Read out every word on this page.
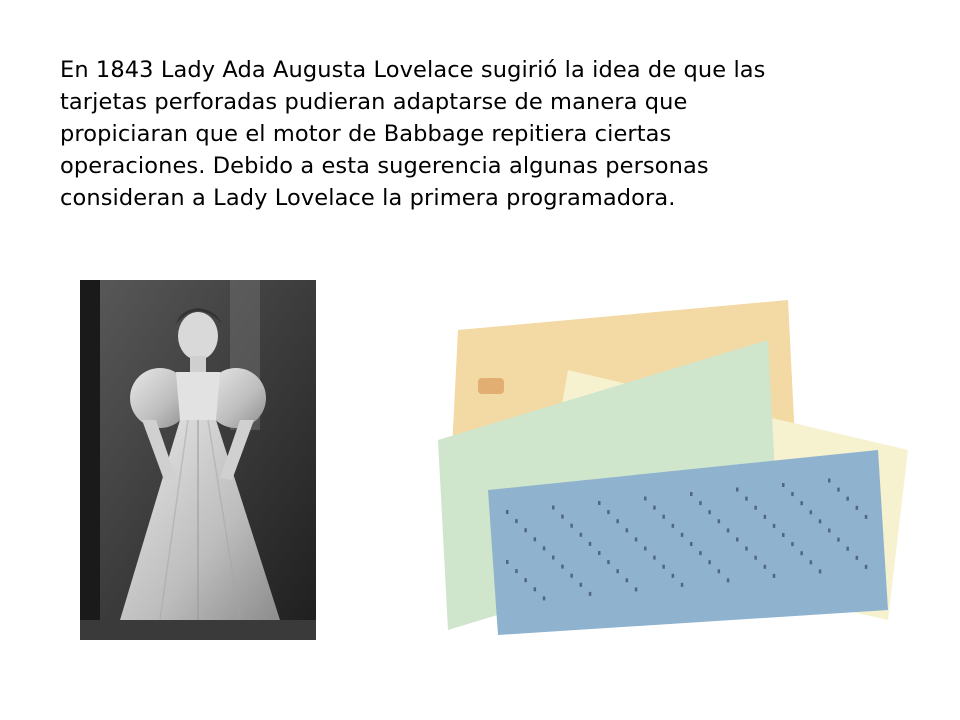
En 1843 Lady Ada Augusta Lovelace sugirió la idea de que las
tarjetas perforadas pudieran adaptarse de manera que
propiciaran que el motor de Babbage repitiera ciertas
operaciones. Debido a esta sugerencia algunas personas
consideran a Lady Lovelace la primera programadora.
